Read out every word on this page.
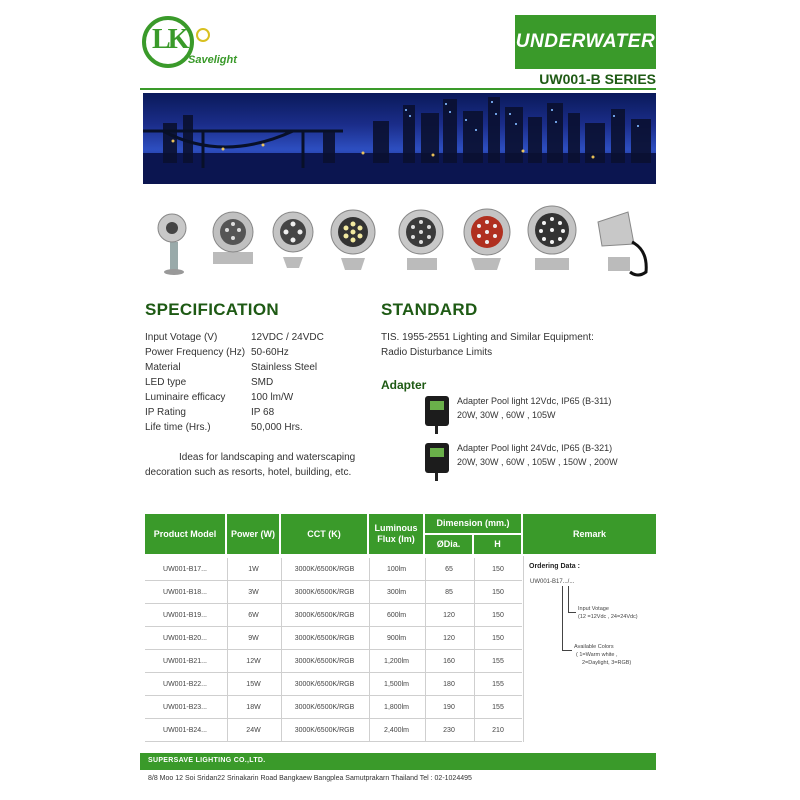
LK
Savelight
UNDERWATER
UW001-B SERIES
SPECIFICATION
Input Votage (V)	12VDC / 24VDC
Power Frequency (Hz) 50-60Hz
Material	Stainless Steel
LED type	SMD
Luminaire efficacy	100 lm/W
IP Rating	IP 68
Life time (Hrs.)	50,000 Hrs.
Ideas for landscaping and waterscaping
decoration such as resorts, hotel, building, etc.
STANDARD
TIS. 1955-2551 Lighting and Similar Equipment:
Radio Disturbance Limits
Adapter
Adapter Pool light 12Vdc, IP65 (B-311)
20W, 30W , 60W , 105W
Adapter Pool light 24Vdc, IP65 (B-321)
20W, 30W , 60W , 105W , 150W , 200W
Product Model	Power (W)	CCT (K)
Luminous Flux (lm)
Dimension (mm.)
ØDia.	H
Remark
UW001-B17...	1W	3000K/6500K/RGB	100lm	65	150
UW001-B18...	3W	3000K/6500K/RGB	300lm	85	150
UW001-B19...	6W	3000K/6500K/RGB	600lm	120	150
UW001-B20...	9W	3000K/6500K/RGB	900lm	120	150
UW001-B21...	12W	3000K/6500K/RGB	1,200lm	160	155
UW001-B22...	15W	3000K/6500K/RGB	1,500lm	180	155
UW001-B23...	18W	3000K/6500K/RGB	1,800lm	190	155
UW001-B24...	24W	3000K/6500K/RGB	2,400lm	230	210
Ordering Data :
UW001-B17.../...
Input Votage
(12 =12Vdc , 24=24Vdc)
Available Colors
( 1=Warm white ,
2=Daylight, 3=RGB)
SUPERSAVE LIGHTING CO.,LTD.
8/8 Moo 12 Soi Sridan22 Srinakarin Road Bangkaew Bangplea Samutprakarn Thailand Tel : 02-1024495
